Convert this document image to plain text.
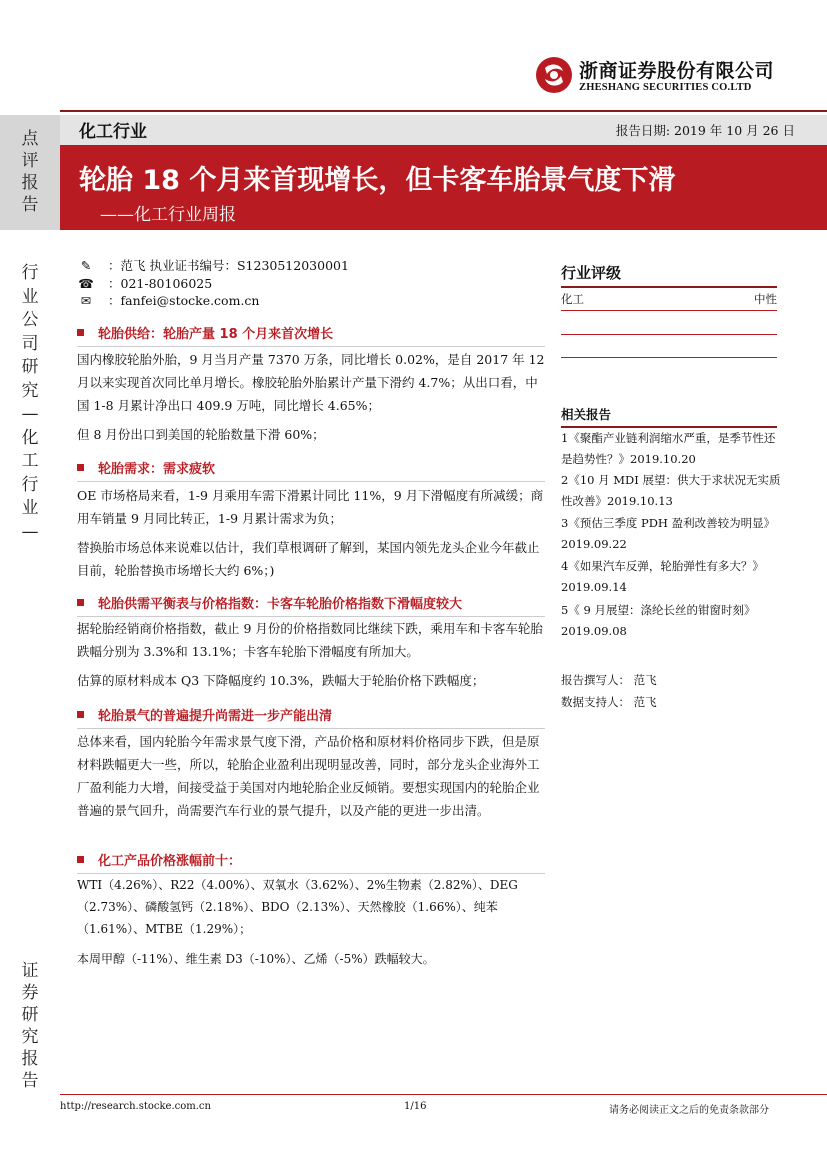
浙商证券股份有限公司
ZHESHANG SECURITIES CO.LTD
点
评
报
告
行
业
公
司
研
究
—
化
工
行
业
—
证
券
研
究
报
告
化工行业	报告日期: 2019 年 10 月 26 日
轮胎 18 个月来首现增长，但卡客车胎景气度下滑
——化工行业周报
✎ ：范飞 执业证书编号：S1230512030001
☎ ：021-80106025
✉ ：fanfei@stocke.com.cn
轮胎供给：轮胎产量 18 个月来首次增长
国内橡胶轮胎外胎，9 月当月产量 7370 万条，同比增长 0.02%，是自 2017 年 12 月以来实现首次同比单月增长。橡胶轮胎外胎累计产量下滑约 4.7%；从出口看，中国 1-8 月累计净出口 409.9 万吨，同比增长 4.65%；
但 8 月份出口到美国的轮胎数量下滑 60%；
轮胎需求：需求疲软
OE 市场格局来看，1-9 月乘用车需下滑累计同比 11%，9 月下滑幅度有所减缓；商用车销量 9 月同比转正，1-9 月累计需求为负；
替换胎市场总体来说难以估计，我们草根调研了解到，某国内领先龙头企业今年截止目前，轮胎替换市场增长大约 6%；)
轮胎供需平衡表与价格指数：卡客车轮胎价格指数下滑幅度较大
据轮胎经销商价格指数，截止 9 月份的价格指数同比继续下跌，乘用车和卡客车轮胎跌幅分别为 3.3%和 13.1%；卡客车轮胎下滑幅度有所加大。
估算的原材料成本 Q3 下降幅度约 10.3%，跌幅大于轮胎价格下跌幅度；
轮胎景气的普遍提升尚需进一步产能出清
总体来看，国内轮胎今年需求景气度下滑，产品价格和原材料价格同步下跌，但是原材料跌幅更大一些，所以，轮胎企业盈利出现明显改善，同时，部分龙头企业海外工厂盈利能力大增，间接受益于美国对内地轮胎企业反倾销。要想实现国内的轮胎企业普遍的景气回升，尚需要汽车行业的景气提升，以及产能的更进一步出清。
化工产品价格涨幅前十：
WTI（4.26%）、R22（4.00%）、双氧水（3.62%）、2%生物素（2.82%）、DEG（2.73%）、磷酸氢钙（2.18%）、BDO（2.13%）、天然橡胶（1.66%）、纯苯（1.61%）、MTBE（1.29%）；
本周甲醇（-11%）、维生素 D3（-10%）、乙烯（-5%）跌幅较大。
行业评级
化工	中性
相关报告
1《聚酯产业链利润缩水严重，是季节性还是趋势性？》2019.10.20
2《10 月 MDI 展望：供大于求状况无实质性改善》2019.10.13
3《预估三季度 PDH 盈利改善较为明显》2019.09.22
4《如果汽车反弹，轮胎弹性有多大？》2019.09.14
5《 9 月展望：涤纶长丝的钳窗时刻》2019.09.08
报告撰写人： 范飞
数据支持人： 范飞
http://research.stocke.com.cn	1/16	请务必阅读正文之后的免责条款部分
